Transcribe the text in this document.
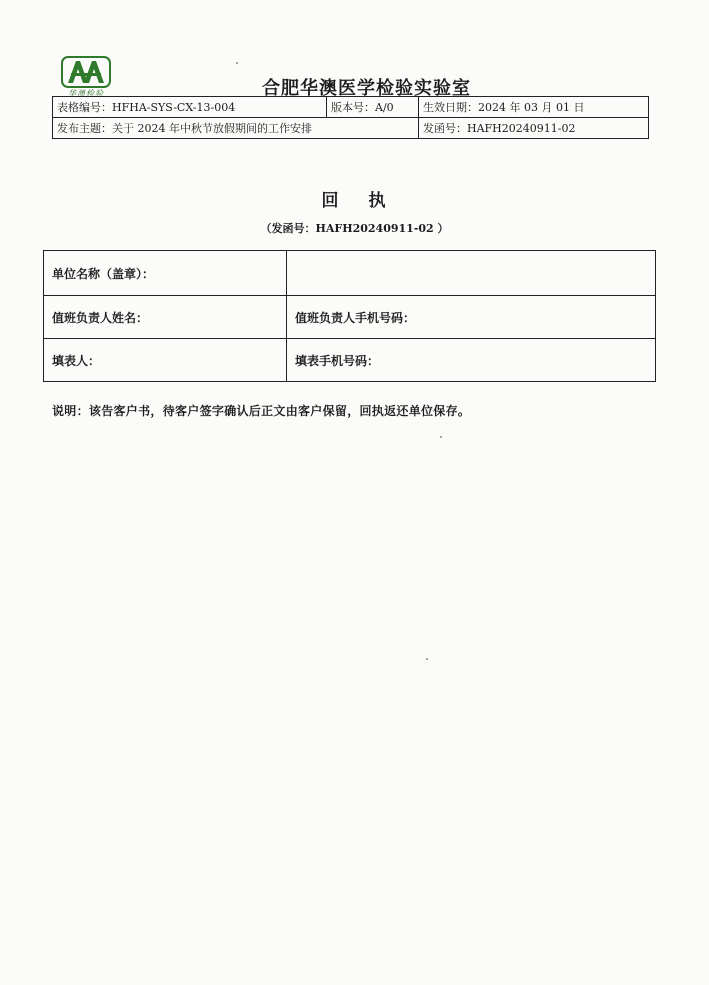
华澳检验	合肥华澳医学检验实验室
表格编号：HFHA-SYS-CX-13-004	版本号：A/0	生效日期：2024 年 03 月 01 日
发布主题：关于 2024 年中秋节放假期间的工作安排		发函号：HAFH20240911-02
回 执
（发函号：HAFH20240911-02 ）
单位名称（盖章）：	
值班负责人姓名：	值班负责人手机号码：
填表人：	填表手机号码：
说明：该告客户书，待客户签字确认后正文由客户保留，回执返还单位保存。
